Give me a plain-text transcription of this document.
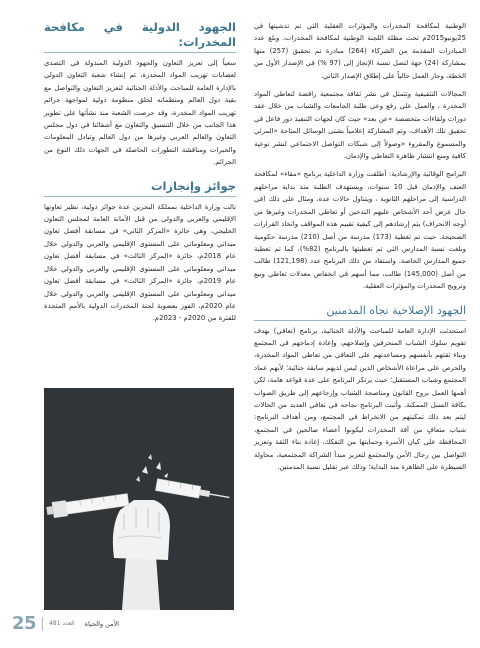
الوطنية لمكافحة المخدرات والمؤثرات العقلية التي تم تدشينها في 25يونيو2015م تحت مظلة اللجنة الوطنية لمكافحة المخدرات، وبلغ عدد المبادرات المقدمة من الشركاء (264) مبادرة تم تحقيق (257) منها بمشاركة (24) جهة لتصل نسبة الإنجاز إلى (97 %) في الإصدار الأول من الخطة، وجار العمل حالياً على إطلاق الإصدار الثاني.

المجالات التثقيفية وتتمثل في نشر ثقافة مجتمعية رافضة لتعاطي المواد المخدرة ، والعمل على رفع وعي طلبة الجامعات والشباب من خلال عقد دورات ولقاءات متخصصة «عن بعد» حيث كان لجهات التنفيذ دور فاعل في تحقيق تلك الأهداف، وتم المشاركة إعلامياً بشتى الوسائل المتاحة «المرئي والمسموع والمقروء «وصولاً إلى شبكات التواصل الاجتماعي لنشر توعية كافية ومنع انتشار ظاهرة التعاطي والإدمان.

البرامج الوقائية والإرشادية: أطلقت وزارة الداخلية برنامج «مقاء» لمكافحة العنف والإدمان قبل 10 سنوات، ويستهدف الطلبة منذ بداية مراحلهم الدراسية إلى مراحلهم الثانوية ، ويتناول حالات عدة، ومثال على ذلك (في حال عرض أحد الأشخاص عليهم التدخين أو تعاطي المخدرات وغيرها من أوجه الانحراف) يتم إرشادهم إلى كيفية تقييم هذه المواقف واتخاذ القرارات الصحيحة. حيث تم تغطية (173) مدرسة من أصل (210) مدرسة حكومية وبلغت نسبة المدارس التي تم تغطيتها بالبرنامج (82%)، كما تم تغطية جميع المدارس الخاصة، واستفاد من ذلك البرنامج عدد (121,198) طالب من أصل (145,000) طالب، مما أسهم في انخفاض معدلات تعاطي وبيع وترويج المخدرات والمؤثرات العقلية.

الجهود الإصلاحية تجاه المدمنين

استحدثت الإدارة العامة للمباحث والأدلة الجنائية، برنامج (تعافي) بهدف تقويم سلوك الشباب المنحرفين وإصلاحهم، وإعادة إدماجهم في المجتمع وبناء ثقتهم بأنفسهم ومساعدتهم على التعافي من تعاطي المواد المخدرة، والحرص على مراعاة الأشخاص الذين ليس لديهم سابقة جنائية؛ لأنهم عماد المجتمع وشباب المستقبل؛ حيث يرتكز البرنامج على عدة قواعد هامة، لكن أهمها العمل بروح القانون ومناصحة الشباب وإرجاعهم إلى طريق الصواب بكافة السبل الممكنة. وأثبت البرنامج نجاحه في تعافي العديد من الحالات ليتم بعد ذلك تمكينهم من الانخراط في المجتمع، ومن أهداف البرنامج: شباب متعافٍ من آفة المخدرات ليكونوا أعضاء صالحين في المجتمع، المحافظة على كيان الأسرة وحمايتها من التفكك، إعادة بناء الثقة وتعزيز التواصل بين رجال الأمن والمجتمع لتعزيز مبدأ الشراكة المجتمعية، محاولة السيطرة على الظاهرة منذ البداية؛ وذلك عبر تقليل نسبة المدمنين.

الجهود الدولية في مكافحة المخدرات:

سعياً إلى تعزيز التعاون والجهود الدولية المبذولة في التصدي لعصابات تهريب المواد المخدرة، تم إنشاء شعبة التعاون الدولي بالإدارة العامة للمباحث والأدلة الجنائية لتعزيز التعاون والتواصل مع بقية دول العالم ومنظماته لخلق منظومة دولية لمواجهة جرائم تهريب المواد المخدرة، وقد حرصت الشعبة منذ نشأتها على تطوير هذا الجانب من خلال التنسيق والتعاون مع أشقائنا في دول مجلس التعاون والعالم العربي وغيرها من دول العالم وتبادل المعلومات والخبرات ومناقشة التطورات الحاصلة في الجهات ذلك النوع من الجرائم.

جوائز وإنجازات

نالت وزارة الداخلية بمملكة البحرين عدة جوائز دولية، نظير تعاونها الإقليمي والعربي والدولي من قبل الأمانة العامة لمجلس التعاون الخليجي، وهي جائزة «المركز الثاني» في مسابقة أفضل تعاون ميداني ومعلوماتي على المستوى الإقليمي والعربي والدولي خلال عام 2018م، جائزة «المركز الثالث» في مسابقة أفضل تعاون ميداني ومعلوماتي على المستوى الإقليمي والعربي والدولي خلال عام 2019م، جائزة «المركز الثالث» في مسابقة أفضل تعاون ميداني ومعلوماتي على المستوى الإقليمي والعربي والدولي خلال عام 2020م، الفوز بعضوية لجنة المخدرات الدولية بالأمم المتحدة للفترة من 2020م - 2023م.

25 العدد 481 الأمن والحياة
